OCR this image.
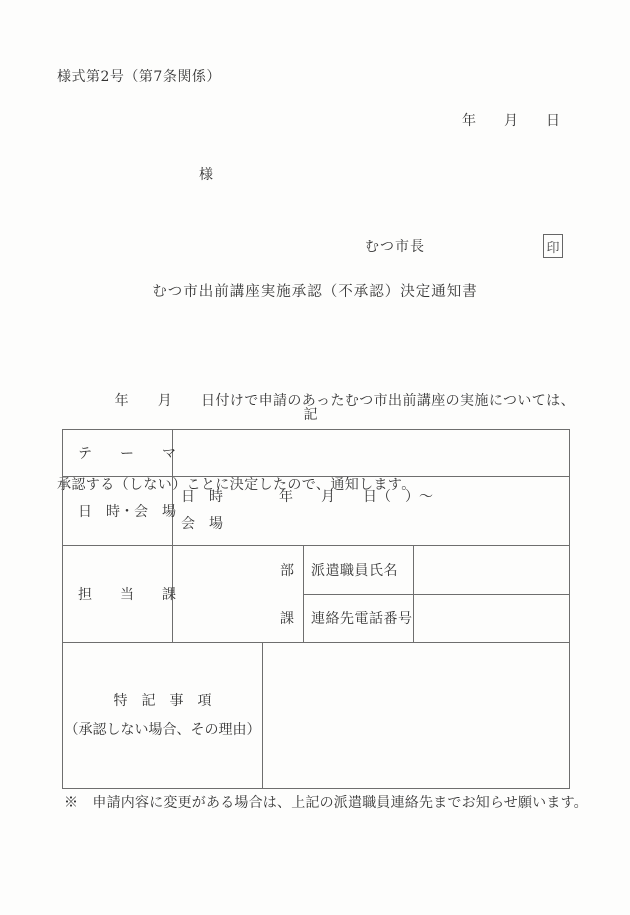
様式第2号（第7条関係）
年　　月　　日
様

むつ市長

	印

むつ市出前講座実施承認（不承認）決定通知書

　　　　年　　月　　日付けで申請のあったむつ市出前講座の実施については、

承認する（しない）ことに決定したので、通知します。

記
テ　　ー　　マ
日　時・会　場
日　時　　　　年　　月　　日（　）～
会　場
担　　当　　課
部
課
派遣職員氏名
連絡先電話番号
特　記　事　項
（承認しない場合、その理由）
※　申請内容に変更がある場合は、上記の派遣職員連絡先までお知らせ願います。
